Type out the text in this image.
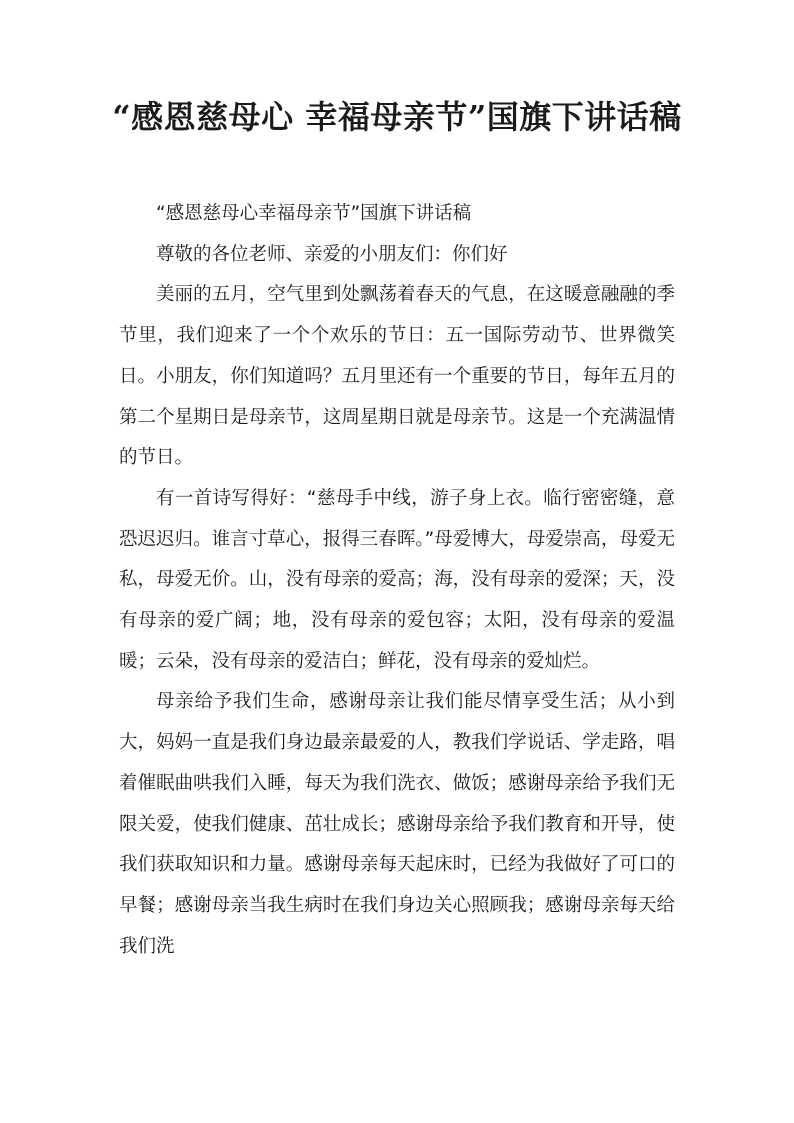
“感恩慈母心 幸福母亲节”国旗下讲话稿

“感恩慈母心幸福母亲节”国旗下讲话稿

尊敬的各位老师、亲爱的小朋友们：你们好

美丽的五月，空气里到处飘荡着春天的气息，在这暖意融融的季节里，我们迎来了一个个欢乐的节日：五一国际劳动节、世界微笑日。小朋友，你们知道吗？五月里还有一个重要的节日，每年五月的第二个星期日是母亲节，这周星期日就是母亲节。这是一个充满温情的节日。

有一首诗写得好：“慈母手中线，游子身上衣。临行密密缝，意恐迟迟归。谁言寸草心，报得三春晖。”母爱博大，母爱崇高，母爱无私，母爱无价。山，没有母亲的爱高；海，没有母亲的爱深；天，没有母亲的爱广阔；地，没有母亲的爱包容；太阳，没有母亲的爱温暖；云朵，没有母亲的爱洁白；鲜花，没有母亲的爱灿烂。

母亲给予我们生命，感谢母亲让我们能尽情享受生活；从小到大，妈妈一直是我们身边最亲最爱的人，教我们学说话、学走路，唱着催眠曲哄我们入睡，每天为我们洗衣、做饭；感谢母亲给予我们无限关爱，使我们健康、茁壮成长；感谢母亲给予我们教育和开导，使我们获取知识和力量。感谢母亲每天起床时，已经为我做好了可口的早餐；感谢母亲当我生病时在我们身边关心照顾我；感谢母亲每天给我们洗
